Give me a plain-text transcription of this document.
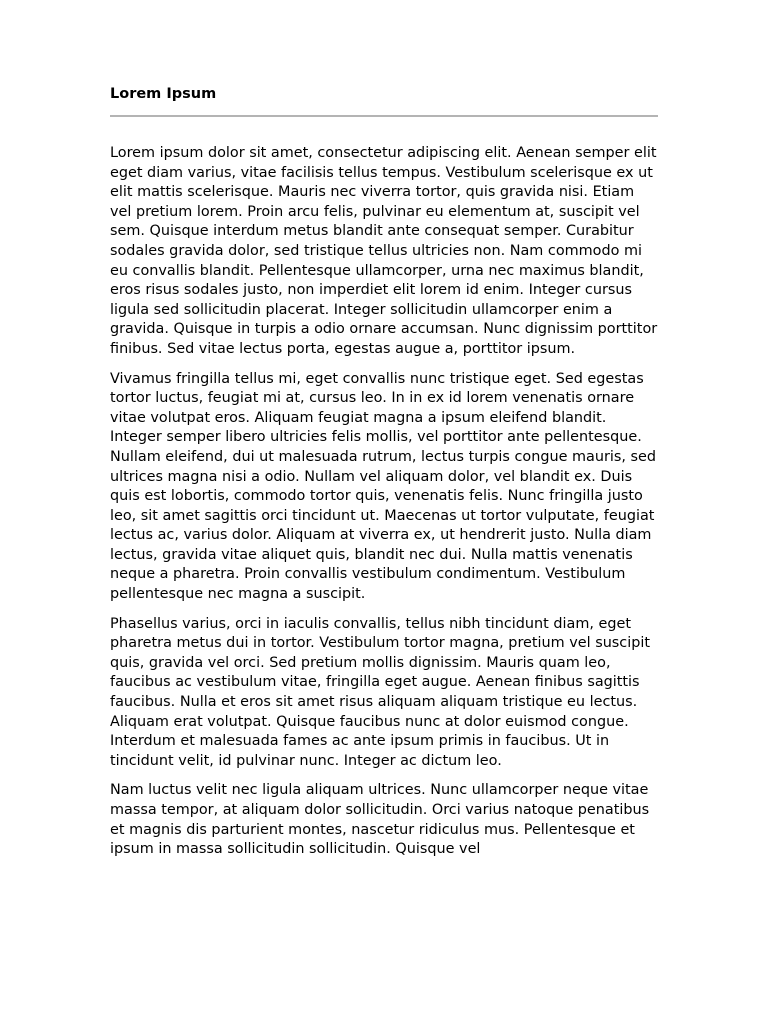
Lorem Ipsum

Lorem ipsum dolor sit amet, consectetur adipiscing elit. Aenean semper elit eget diam varius, vitae facilisis tellus tempus. Vestibulum scelerisque ex ut elit mattis scelerisque. Mauris nec viverra tortor, quis gravida nisi. Etiam vel pretium lorem. Proin arcu felis, pulvinar eu elementum at, suscipit vel sem. Quisque interdum metus blandit ante consequat semper. Curabitur sodales gravida dolor, sed tristique tellus ultricies non. Nam commodo mi eu convallis blandit. Pellentesque ullamcorper, urna nec maximus blandit, eros risus sodales justo, non imperdiet elit lorem id enim. Integer cursus ligula sed sollicitudin placerat. Integer sollicitudin ullamcorper enim a gravida. Quisque in turpis a odio ornare accumsan. Nunc dignissim porttitor finibus. Sed vitae lectus porta, egestas augue a, porttitor ipsum.

Vivamus fringilla tellus mi, eget convallis nunc tristique eget. Sed egestas tortor luctus, feugiat mi at, cursus leo. In in ex id lorem venenatis ornare vitae volutpat eros. Aliquam feugiat magna a ipsum eleifend blandit. Integer semper libero ultricies felis mollis, vel porttitor ante pellentesque. Nullam eleifend, dui ut malesuada rutrum, lectus turpis congue mauris, sed ultrices magna nisi a odio. Nullam vel aliquam dolor, vel blandit ex. Duis quis est lobortis, commodo tortor quis, venenatis felis. Nunc fringilla justo leo, sit amet sagittis orci tincidunt ut. Maecenas ut tortor vulputate, feugiat lectus ac, varius dolor. Aliquam at viverra ex, ut hendrerit justo. Nulla diam lectus, gravida vitae aliquet quis, blandit nec dui. Nulla mattis venenatis neque a pharetra. Proin convallis vestibulum condimentum. Vestibulum pellentesque nec magna a suscipit.

Phasellus varius, orci in iaculis convallis, tellus nibh tincidunt diam, eget pharetra metus dui in tortor. Vestibulum tortor magna, pretium vel suscipit quis, gravida vel orci. Sed pretium mollis dignissim. Mauris quam leo, faucibus ac vestibulum vitae, fringilla eget augue. Aenean finibus sagittis faucibus. Nulla et eros sit amet risus aliquam aliquam tristique eu lectus. Aliquam erat volutpat. Quisque faucibus nunc at dolor euismod congue. Interdum et malesuada fames ac ante ipsum primis in faucibus. Ut in tincidunt velit, id pulvinar nunc. Integer ac dictum leo.

Nam luctus velit nec ligula aliquam ultrices. Nunc ullamcorper neque vitae massa tempor, at aliquam dolor sollicitudin. Orci varius natoque penatibus et magnis dis parturient montes, nascetur ridiculus mus. Pellentesque et ipsum in massa sollicitudin sollicitudin. Quisque vel
